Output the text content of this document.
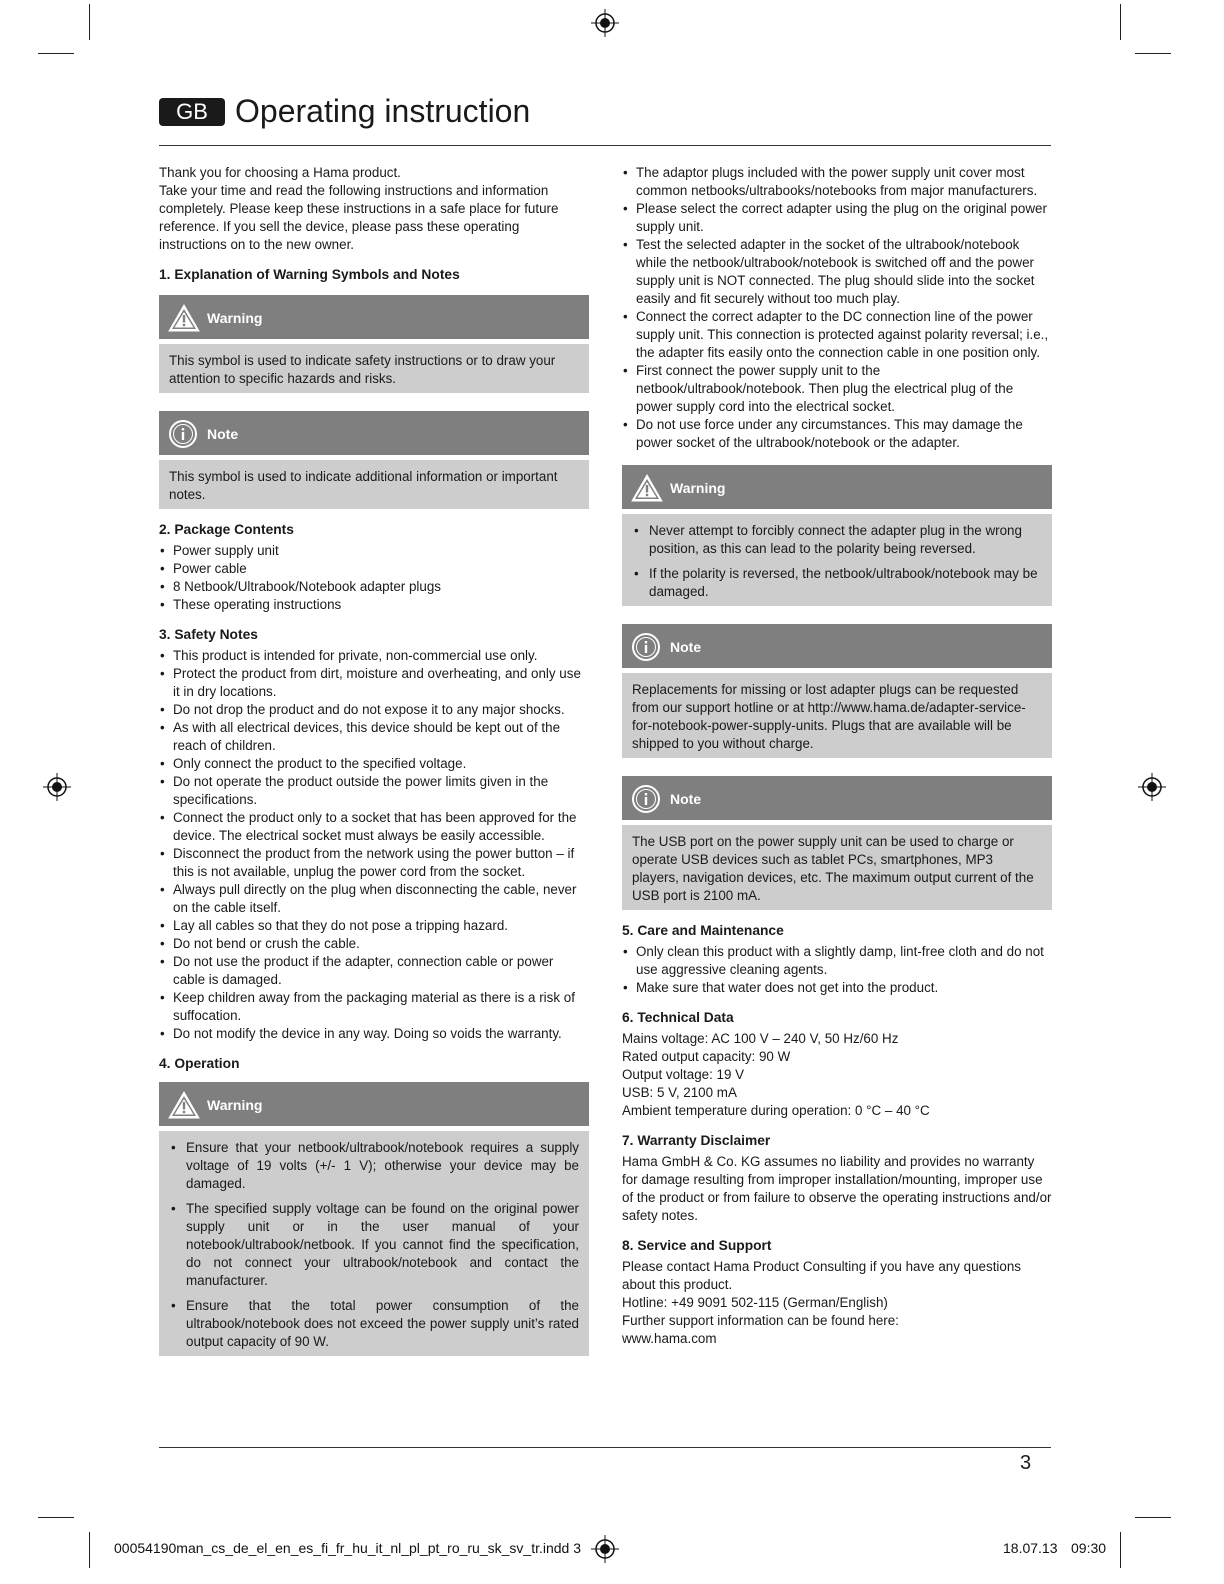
GB Operating instruction

Thank you for choosing a Hama product.

Take your time and read the following instructions and information completely. Please keep these instructions in a safe place for future reference. If you sell the device, please pass these operating instructions on to the new owner.

1. Explanation of Warning Symbols and Notes
Warning

This symbol is used to indicate safety instructions or to draw your attention to specific hazards and risks.

Note

This symbol is used to indicate additional information or important notes.

2. Package Contents
• Power supply unit
• Power cable
• 8 Netbook/Ultrabook/Notebook adapter plugs
• These operating instructions
3. Safety Notes
• This product is intended for private, non-commercial use only.
• Protect the product from dirt, moisture and overheating, and only use it in dry locations.
• Do not drop the product and do not expose it to any major shocks.
• As with all electrical devices, this device should be kept out of the reach of children.
• Only connect the product to the specified voltage.
• Do not operate the product outside the power limits given in the specifications.
• Connect the product only to a socket that has been approved for the device. The electrical socket must always be easily accessible.
• Disconnect the product from the network using the power button – if this is not available, unplug the power cord from the socket.
• Always pull directly on the plug when disconnecting the cable, never on the cable itself.
• Lay all cables so that they do not pose a tripping hazard.
• Do not bend or crush the cable.
• Do not use the product if the adapter, connection cable or power cable is damaged.
• Keep children away from the packaging material as there is a risk of suffocation.
• Do not modify the device in any way. Doing so voids the warranty.
4. Operation
Warning
• Ensure that your netbook/ultrabook/notebook requires a supply voltage of 19 volts (+/- 1 V); otherwise your device may be damaged.
• The specified supply voltage can be found on the original power supply unit or in the user manual of your notebook/ultrabook/netbook. If you cannot find the specification, do not connect your ultrabook/notebook and contact the manufacturer.
• Ensure that the total power consumption of the ultrabook/notebook does not exceed the power supply unit’s rated output capacity of 90 W.
• The adaptor plugs included with the power supply unit cover most common netbooks/ultrabooks/notebooks from major manufacturers.
• Please select the correct adapter using the plug on the original power supply unit.
• Test the selected adapter in the socket of the ultrabook/notebook while the netbook/ultrabook/notebook is switched off and the power supply unit is NOT connected. The plug should slide into the socket easily and fit securely without too much play.
• Connect the correct adapter to the DC connection line of the power supply unit. This connection is protected against polarity reversal; i.e., the adapter fits easily onto the connection cable in one position only.
• First connect the power supply unit to the netbook/ultrabook/notebook. Then plug the electrical plug of the power supply cord into the electrical socket.
• Do not use force under any circumstances. This may damage the power socket of the ultrabook/notebook or the adapter.
Warning
• Never attempt to forcibly connect the adapter plug in the wrong position, as this can lead to the polarity being reversed.
• If the polarity is reversed, the netbook/ultrabook/notebook may be damaged.
Note

Replacements for missing or lost adapter plugs can be requested from our support hotline or at http://www.hama.de/adapter-service-for-notebook-power-supply-units. Plugs that are available will be shipped to you without charge.

Note

The USB port on the power supply unit can be used to charge or operate USB devices such as tablet PCs, smartphones, MP3 players, navigation devices, etc. The maximum output current of the USB port is 2100 mA.

5. Care and Maintenance
• Only clean this product with a slightly damp, lint-free cloth and do not use aggressive cleaning agents.
• Make sure that water does not get into the product.
6. Technical Data

Mains voltage: AC 100 V – 240 V, 50 Hz/60 Hz

Rated output capacity: 90 W

Output voltage: 19 V

USB: 5 V, 2100 mA

Ambient temperature during operation: 0 °C – 40 °C

7. Warranty Disclaimer

Hama GmbH & Co. KG assumes no liability and provides no warranty for damage resulting from improper installation/mounting, improper use of the product or from failure to observe the operating instructions and/or safety notes.

8. Service and Support

Please contact Hama Product Consulting if you have any questions about this product.

Hotline: +49 9091 502-115 (German/English)

Further support information can be found here:

www.hama.com

3
00054190man_cs_de_el_en_es_fi_fr_hu_it_nl_pl_pt_ro_ru_sk_sv_tr.indd 3	18.07.13 09:30
